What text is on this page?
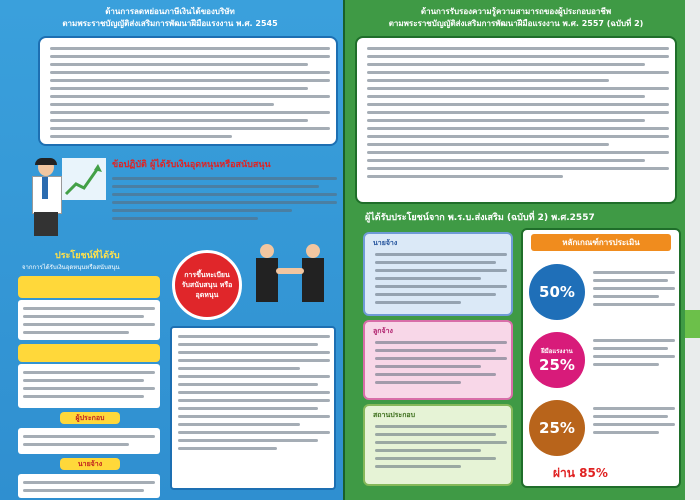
ด้านการลดหย่อนภาษีเงินได้ของบริษัท
ตามพระราชบัญญัติส่งเสริมการพัฒนาฝีมือแรงงาน พ.ศ. 2545
ข้อปฏิบัติ ผู้ได้รับเงินอุดหนุนหรือสนับสนุน
ประโยชน์ที่ได้รับ
จากการได้รับเงินอุดหนุนหรือสนับสนุน
ผู้ประกอบ
นายจ้าง
การขึ้นทะเบียน รับสนับสนุน หรือ อุดหนุน
ด้านการรับรองความรู้ความสามารถของผู้ประกอบอาชีพ
ตามพระราชบัญญัติส่งเสริมการพัฒนาฝีมือแรงงาน พ.ศ. 2557 (ฉบับที่ 2)
ผู้ได้รับประโยชน์จาก พ.ร.บ.ส่งเสริม (ฉบับที่ 2) พ.ศ.2557
นายจ้าง
ลูกจ้าง
สถานประกอบ
หลักเกณฑ์การประเมิน
50%
ฝีมือแรงงาน
25%
25%
ผ่าน 85%
